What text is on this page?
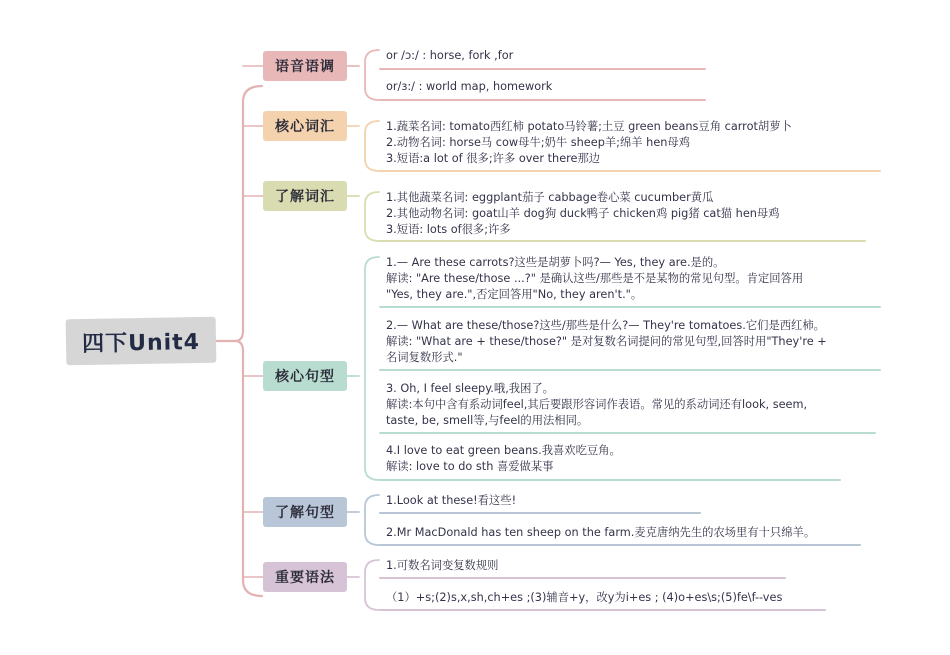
四下Unit4
语音语调
核心词汇
了解词汇
核心句型
了解句型
重要语法
or /ɔ:/ : horse, fork ,for
or/ɜ:/ : world map, homework
1.蔬菜名词: tomato西红柿 potato马铃薯;土豆 green beans豆角 carrot胡萝卜
2.动物名词: horse马 cow母牛;奶牛 sheep羊;绵羊 hen母鸡
3.短语:a lot of 很多;许多 over there那边
1.其他蔬菜名词: eggplant茄子 cabbage卷心菜 cucumber黄瓜
2.其他动物名词: goat山羊 dog狗 duck鸭子 chicken鸡 pig猪 cat猫 hen母鸡
3.短语: lots of很多;许多
1.— Are these carrots?这些是胡萝卜吗?— Yes, they are.是的。
解读: "Are these/those ...?" 是确认这些/那些是不是某物的常见句型。肯定回答用
"Yes, they are.",否定回答用"No, they aren't."。
2.— What are these/those?这些/那些是什么?— They're tomatoes.它们是西红柿。
解读: "What are + these/those?" 是对复数名词提问的常见句型,回答时用"They're +
名词复数形式."
3. Oh, I feel sleepy.哦,我困了。
解读:本句中含有系动词feel,其后要跟形容词作表语。常见的系动词还有look, seem,
taste, be, smell等,与feel的用法相同。
4.I love to eat green beans.我喜欢吃豆角。
解读: love to do sth 喜爱做某事
1.Look at these!看这些!
2.Mr MacDonald has ten sheep on the farm.麦克唐纳先生的农场里有十只绵羊。
1.可数名词变复数规则
（1）+s;(2)s,x,sh,ch+es ;(3)辅音+y，改y为i+es ; (4)o+es\s;(5)fe\f--ves
